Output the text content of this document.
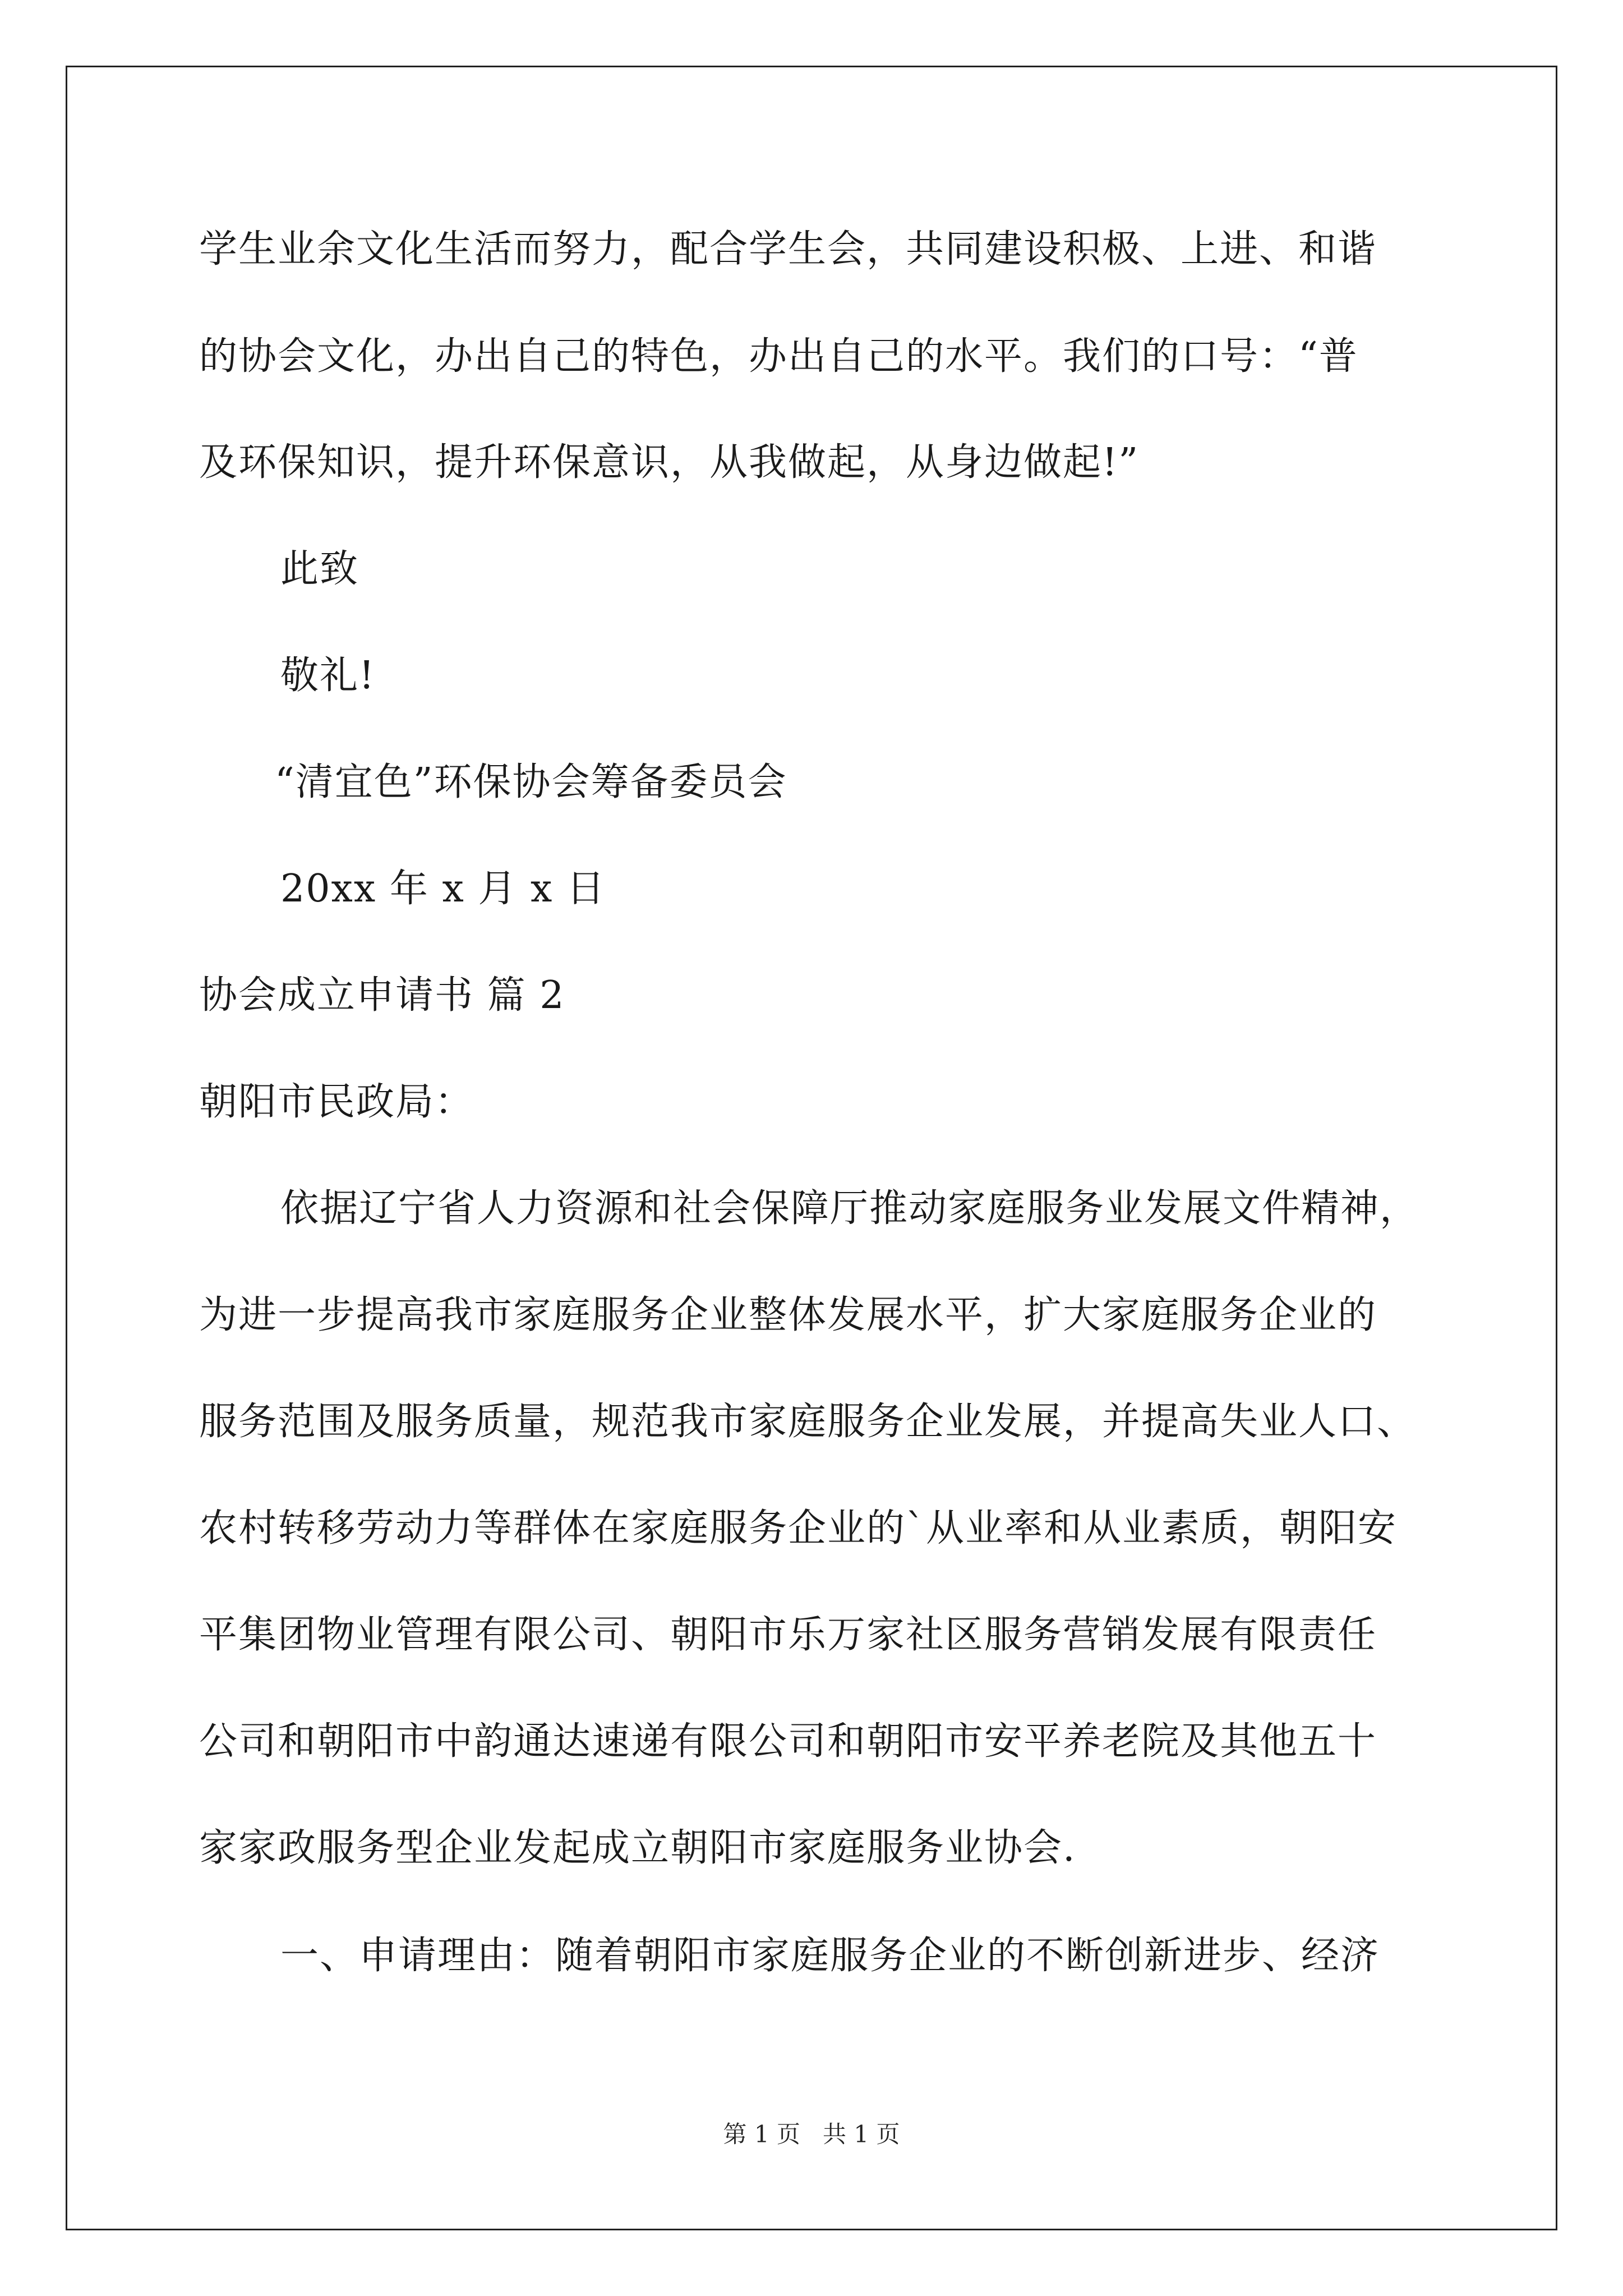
学生业余文化生活而努力，配合学生会，共同建设积极、上进、和谐
的协会文化，办出自己的特色，办出自己的水平。我们的口号：“普
及环保知识，提升环保意识，从我做起，从身边做起!”
此致
敬礼!
“清宜色”环保协会筹备委员会
20xx 年 x 月 x 日
协会成立申请书 篇 2
朝阳市民政局：
依据辽宁省人力资源和社会保障厅推动家庭服务业发展文件精神，
为进一步提高我市家庭服务企业整体发展水平，扩大家庭服务企业的
服务范围及服务质量，规范我市家庭服务企业发展，并提高失业人口、
农村转移劳动力等群体在家庭服务企业的`从业率和从业素质，朝阳安
平集团物业管理有限公司、朝阳市乐万家社区服务营销发展有限责任
公司和朝阳市中韵通达速递有限公司和朝阳市安平养老院及其他五十
家家政服务型企业发起成立朝阳市家庭服务业协会.
一、申请理由：随着朝阳市家庭服务企业的不断创新进步、经济
第 1 页   共 1 页
